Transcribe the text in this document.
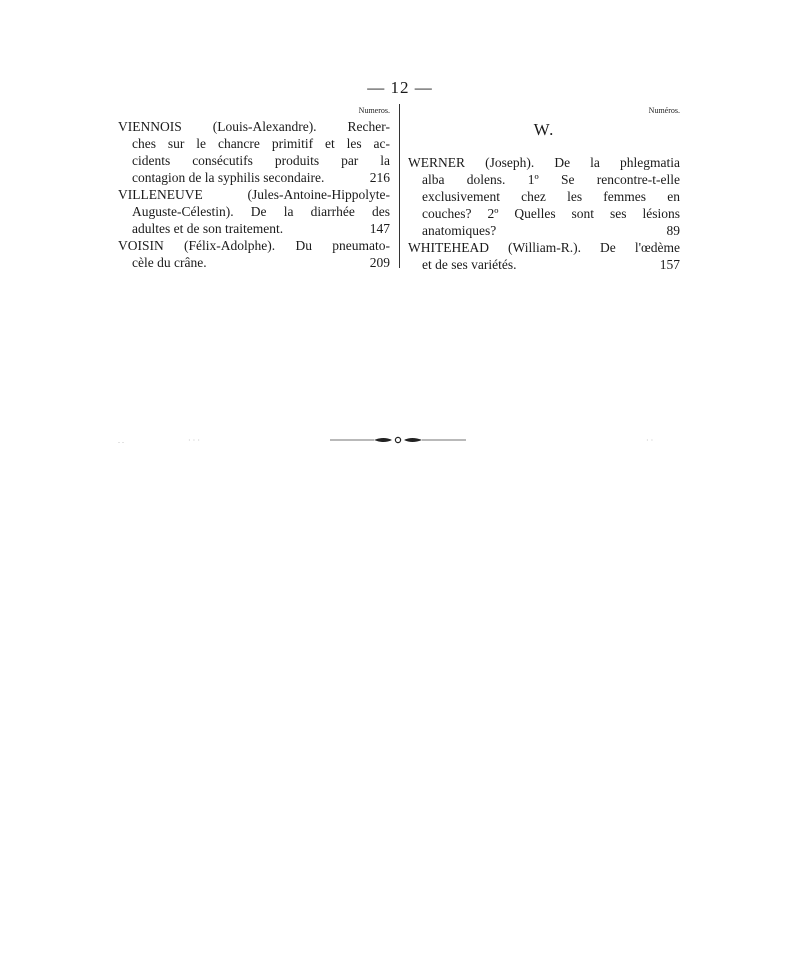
— 12 —
Numeros.
VIENNOIS (Louis-Alexandre). Recher-
ches sur le chancre primitif et les ac-
cidents consécutifs produits par la
contagion de la syphilis secondaire.	216
VILLENEUVE (Jules-Antoine-Hippolyte-
Auguste-Célestin). De la diarrhée des
adultes et de son traitement.	147
VOISIN (Félix-Adolphe). Du pneumato-
cèle du crâne.	209
Numéros.
W.
WERNER (Joseph). De la phlegmatia
alba dolens. 1º Se rencontre-t-elle
exclusivement chez les femmes en
couches? 2º Quelles sont ses lésions
anatomiques?	89
WHITEHEAD (William-R.). De l'œdème
et de ses variétés.	157
. .	· · ·	· ·
